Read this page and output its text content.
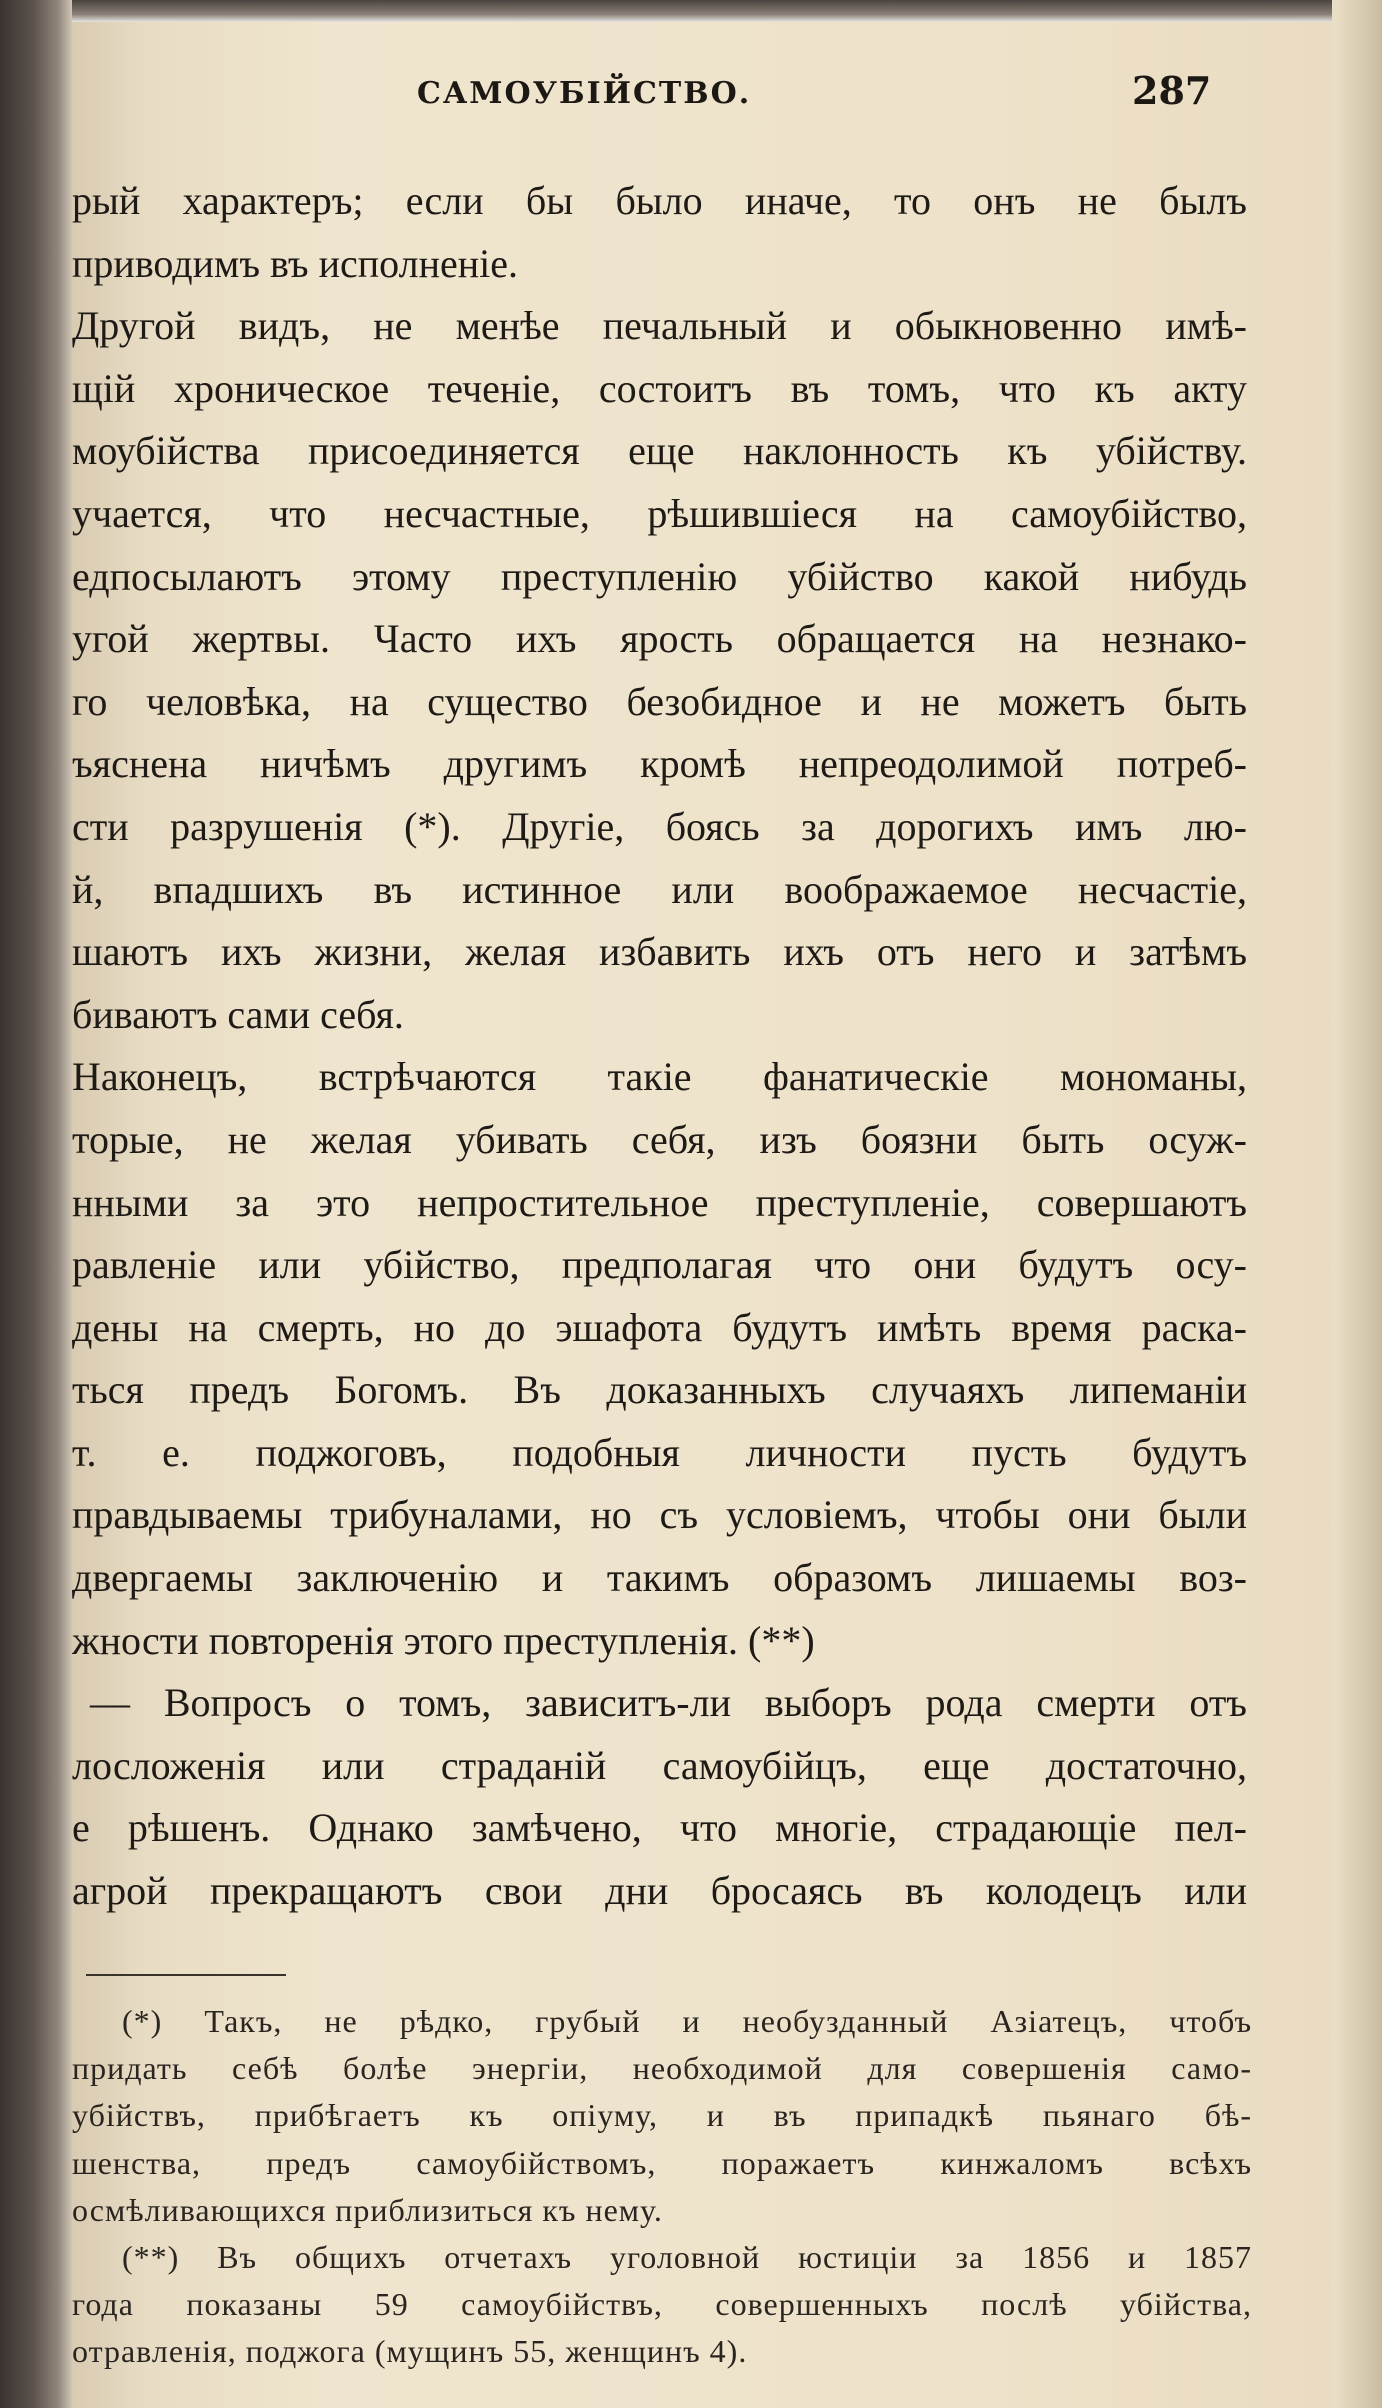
САМОУБІЙСТВО.	287
рый характеръ; если бы было иначе, то онъ не былъ
приводимъ въ исполненіе.
Другой видъ, не менѣе печальный и обыкновенно имѣ-
щій хроническое теченіе, состоитъ въ томъ, что къ акту
моубійства присоединяется еще наклонность къ убійству.
учается, что несчастные, рѣшившіеся на самоубійство,
едпосылаютъ этому преступленію убійство какой нибудь
угой жертвы. Часто ихъ ярость обращается на незнако-
го человѣка, на существо безобидное и не можетъ быть
ъяснена ничѣмъ другимъ кромѣ непреодолимой потреб-
сти разрушенія (*). Другіе, боясь за дорогихъ имъ лю-
й, впадшихъ въ истинное или воображаемое несчастіе,
шаютъ ихъ жизни, желая избавить ихъ отъ него и затѣмъ
биваютъ сами себя.
Наконецъ, встрѣчаются такіе фанатическіе мономаны,
торые, не желая убивать себя, изъ боязни быть осуж-
нными за это непростительное преступленіе, совершаютъ
равленіе или убійство, предполагая что они будутъ осу-
дены на смерть, но до эшафота будутъ имѣть время раска-
ться предъ Богомъ. Въ доказанныхъ случаяхъ липеманіи
т. е. поджоговъ, подобныя личности пусть будутъ
правдываемы трибуналами, но съ условіемъ, чтобы они были
двергаемы заключенію и такимъ образомъ лишаемы воз-
жности повторенія этого преступленія. (**)
— Вопросъ о томъ, зависитъ-ли выборъ рода смерти отъ
лосложенія или страданій самоубійцъ, еще достаточно,
е рѣшенъ. Однако замѣчено, что многіе, страдающіе пел-
агрой прекращаютъ свои дни бросаясь въ колодецъ или
(*) Такъ, не рѣдко, грубый и необузданный Азіатецъ, чтобъ
придать себѣ болѣе энергіи, необходимой для совершенія само-
убійствъ, прибѣгаетъ къ опіуму, и въ припадкѣ пьянаго бѣ-
шенства, предъ самоубійствомъ, поражаетъ кинжаломъ всѣхъ
осмѣливающихся приблизиться къ нему.
(**) Въ общихъ отчетахъ уголовной юстиціи за 1856 и 1857
года показаны 59 самоубійствъ, совершенныхъ послѣ убійства,
отравленія, поджога (мущинъ 55, женщинъ 4).
